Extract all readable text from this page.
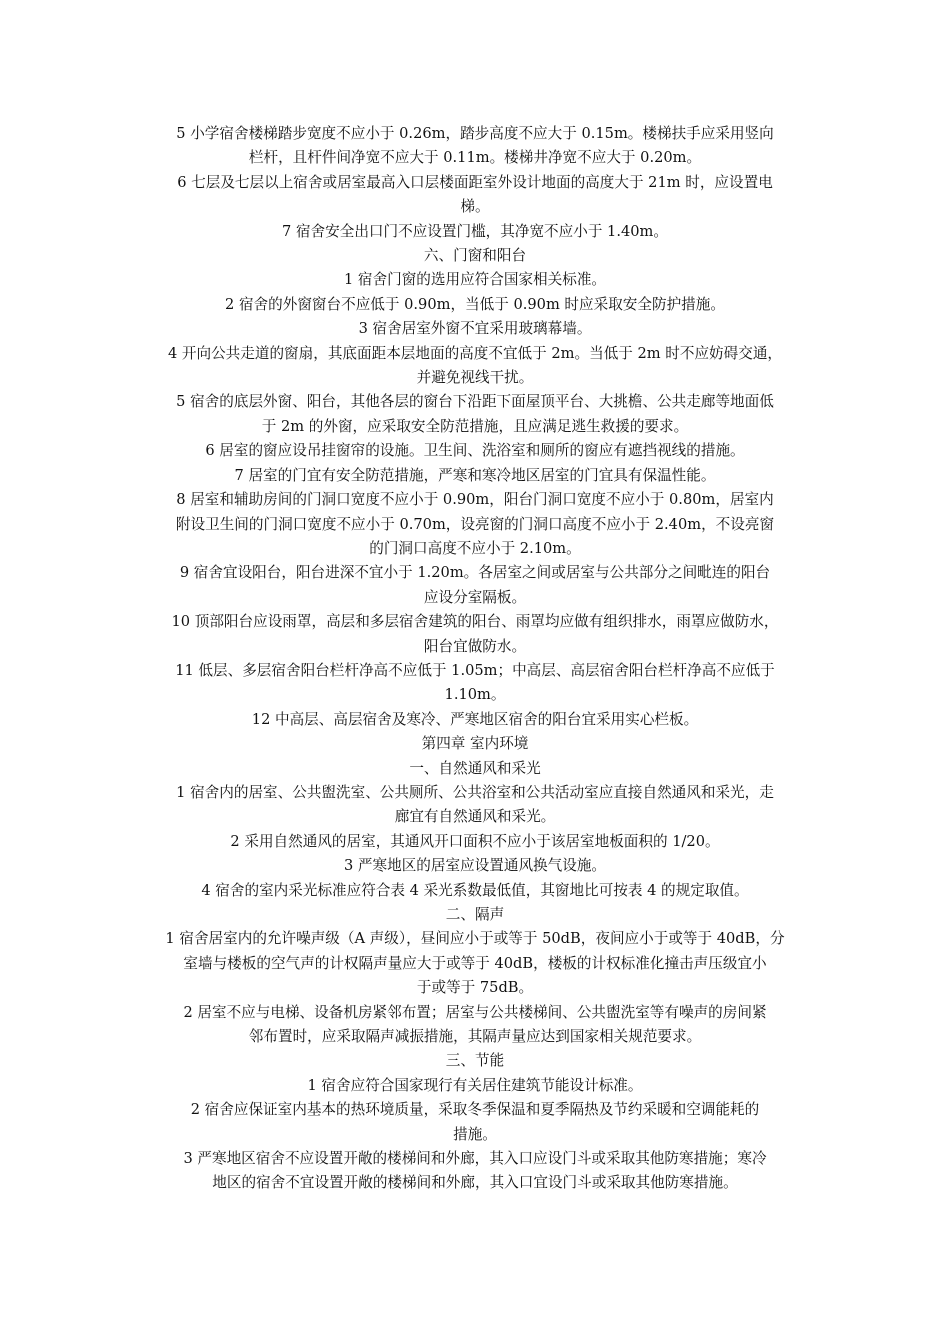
5 小学宿舍楼梯踏步宽度不应小于 0.26m，踏步高度不应大于 0.15m。楼梯扶手应采用竖向
栏杆，且杆件间净宽不应大于 0.11m。楼梯井净宽不应大于 0.20m。
6 七层及七层以上宿舍或居室最高入口层楼面距室外设计地面的高度大于 21m 时，应设置电
梯。
7 宿舍安全出口门不应设置门槛，其净宽不应小于 1.40m。
六、门窗和阳台
1 宿舍门窗的选用应符合国家相关标准。
2 宿舍的外窗窗台不应低于 0.90m，当低于 0.90m 时应采取安全防护措施。
3 宿舍居室外窗不宜采用玻璃幕墙。
4 开向公共走道的窗扇，其底面距本层地面的高度不宜低于 2m。当低于 2m 时不应妨碍交通，
并避免视线干扰。
5 宿舍的底层外窗、阳台，其他各层的窗台下沿距下面屋顶平台、大挑檐、公共走廊等地面低
于 2m 的外窗，应采取安全防范措施，且应满足逃生救援的要求。
6 居室的窗应设吊挂窗帘的设施。卫生间、洗浴室和厕所的窗应有遮挡视线的措施。
7 居室的门宜有安全防范措施，严寒和寒冷地区居室的门宜具有保温性能。
8 居室和辅助房间的门洞口宽度不应小于 0.90m，阳台门洞口宽度不应小于 0.80m，居室内
附设卫生间的门洞口宽度不应小于 0.70m，设亮窗的门洞口高度不应小于 2.40m，不设亮窗
的门洞口高度不应小于 2.10m。
9 宿舍宜设阳台，阳台进深不宜小于 1.20m。各居室之间或居室与公共部分之间毗连的阳台
应设分室隔板。
10 顶部阳台应设雨罩，高层和多层宿舍建筑的阳台、雨罩均应做有组织排水，雨罩应做防水，
阳台宜做防水。
11 低层、多层宿舍阳台栏杆净高不应低于 1.05m；中高层、高层宿舍阳台栏杆净高不应低于
1.10m。
12 中高层、高层宿舍及寒冷、严寒地区宿舍的阳台宜采用实心栏板。
第四章 室内环境
一、自然通风和采光
1 宿舍内的居室、公共盥洗室、公共厕所、公共浴室和公共活动室应直接自然通风和采光，走
廊宜有自然通风和采光。
2 采用自然通风的居室，其通风开口面积不应小于该居室地板面积的 1/20。
3 严寒地区的居室应设置通风换气设施。
4 宿舍的室内采光标准应符合表 4 采光系数最低值，其窗地比可按表 4 的规定取值。
二、隔声
1 宿舍居室内的允许噪声级（A 声级），昼间应小于或等于 50dB，夜间应小于或等于 40dB，分
室墙与楼板的空气声的计权隔声量应大于或等于 40dB，楼板的计权标准化撞击声压级宜小
于或等于 75dB。
2 居室不应与电梯、设备机房紧邻布置；居室与公共楼梯间、公共盥洗室等有噪声的房间紧
邻布置时，应采取隔声减振措施，其隔声量应达到国家相关规范要求。
三、节能
1 宿舍应符合国家现行有关居住建筑节能设计标准。
2 宿舍应保证室内基本的热环境质量，采取冬季保温和夏季隔热及节约采暖和空调能耗的
措施。
3 严寒地区宿舍不应设置开敞的楼梯间和外廊，其入口应设门斗或采取其他防寒措施；寒冷
地区的宿舍不宜设置开敞的楼梯间和外廊，其入口宜设门斗或采取其他防寒措施。
